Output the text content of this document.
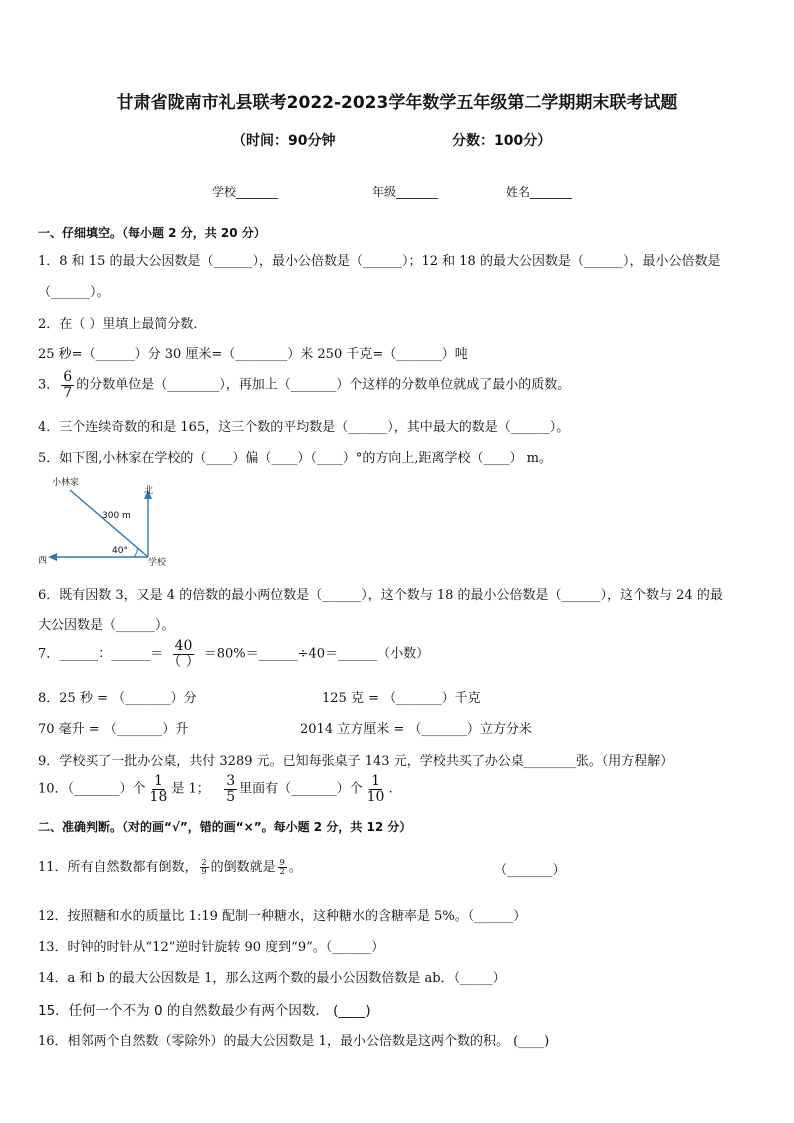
甘肃省陇南市礼县联考2022-2023学年数学五年级第二学期期末联考试题
（时间：90分钟	分数：100分）
学校_______	年级_______	姓名_______
一、仔细填空。（每小题 2 分，共 20 分）
1．8 和 15 的最大公因数是（______），最小公倍数是（______）；12 和 18 的最大公因数是（______），最小公倍数是
（______）。
2．在（ ）里填上最简分数．
25 秒=（______）分 30 厘米=（________）米 250 千克=（_______）吨
3． $\frac{6}{7}$ 的分数单位是（________），再加上（_______）个这样的分数单位就成了最小的质数。
4．三个连续奇数的和是 165，这三个数的平均数是（______），其中最大的数是（______）。
5．如下图,小林家在学校的（____）偏（____）（____）°的方向上,距离学校（____） m。
小林家
北
300 m
40°
西	学校
6．既有因数 3，又是 4 的倍数的最小两位数是（______），这个数与 18 的最小公倍数是（______），这个数与 24 的最
大公因数是（______）。
7．______：______＝ $\frac{40}{( )}$ ＝80%＝______÷40＝______（小数）
8．25 秒 = （_______）分	125 克 = （_______）千克
70 毫升 = （_______）升	2014 立方厘米 = （_______）立方分米
9．学校买了一批办公桌，共付 3289 元。已知每张桌子 143 元，学校共买了办公桌________张。（用方程解）
10．（_______）个 $\frac{1}{18}$ 是 1； $\frac{3}{5}$ 里面有（_______）个 $\frac{1}{10}$ .
二、准确判断。（对的画“√”，错的画“×”。每小题 2 分，共 12 分）
11．所有自然数都有倒数， $\frac{2}{9}$ 的倒数就是 $\frac{9}{2}$ 。	（_______）
12．按照糖和水的质量比 1:19 配制一种糖水，这种糖水的含糖率是 5%。（______）
13．时钟的时针从“12”逆时针旋转 90 度到“9”。（______）
14．a 和 b 的最大公因数是 1，那么这两个数的最小公因数倍数是 ab．（_____）
15．任何一个不为 0 的自然数最少有两个因数． (____)
16．相邻两个自然数（零除外）的最大公因数是 1，最小公倍数是这两个数的积。 (____)
